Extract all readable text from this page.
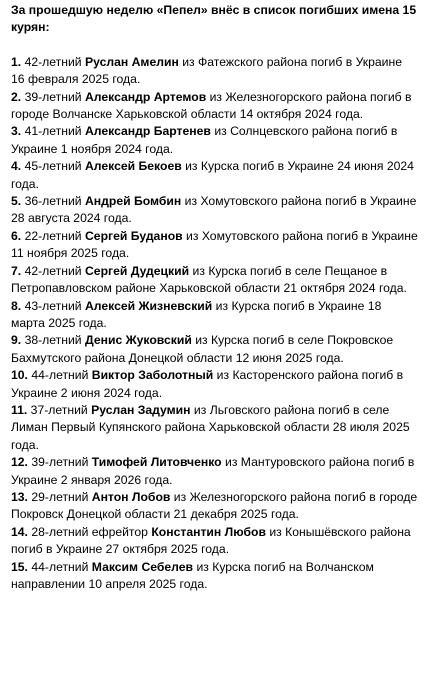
За прошедшую неделю «Пепел» внёс в список погибших имена 15 курян:
1. 42-летний Руслан Амелин из Фатежского района погиб в Украине 16 февраля 2025 года.
2. 39-летний Александр Артемов из Железногорского района погиб в городе Волчанске Харьковской области 14 октября 2024 года.
3. 41-летний Александр Бартенев из Солнцевского района погиб в Украине 1 ноября 2024 года.
4. 45-летний Алексей Бекоев из Курска погиб в Украине 24 июня 2024 года.
5. 36-летний Андрей Бомбин из Хомутовского района погиб в Украине 28 августа 2024 года.
6. 22-летний Сергей Буданов из Хомутовского района погиб в Украине 11 ноября 2025 года.
7. 42-летний Сергей Дудецкий из Курска погиб в селе Пещаное в Петропавловском районе Харьковской области 21 октября 2024 года.
8. 43-летний Алексей Жизневский из Курска погиб в Украине 18 марта 2025 года.
9. 38-летний Денис Жуковский из Курска погиб в селе Покровское Бахмутского района Донецкой области 12 июня 2025 года.
10. 44-летний Виктор Заболотный из Касторенского района погиб в Украине 2 июня 2024 года.
11. 37-летний Руслан Задумин из Льговского района погиб в селе Лиман Первый Купянского района Харьковской области 28 июля 2025 года.
12. 39-летний Тимофей Литовченко из Мантуровского района погиб в Украине 2 января 2026 года.
13. 29-летний Антон Лобов из Железногорского района погиб в городе Покровск Донецкой области 21 декабря 2025 года.
14. 28-летний ефрейтор Константин Любов из Конышёвского района погиб в Украине 27 октября 2025 года.
15. 44-летний Максим Себелев из Курска погиб на Волчанском направлении 10 апреля 2025 года.
